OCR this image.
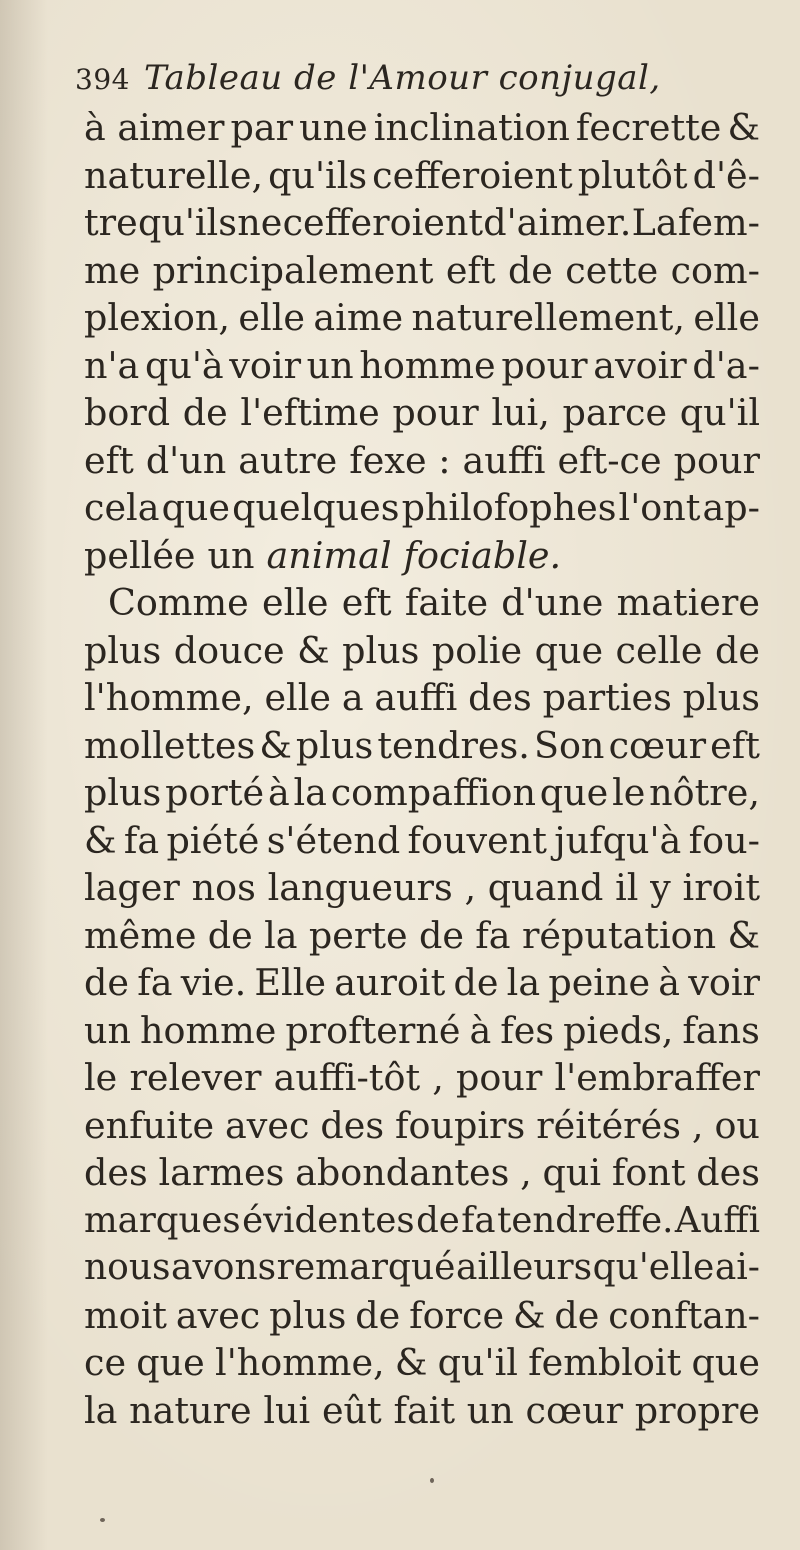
394 Tableau de l'Amour conjugal,
à aimer par une inclination fecrette &
naturelle, qu'ils cefferoient plutôt d'ê-
tre qu'ils ne cefferoient d'aimer. La fem-
me principalement eft de cette com-
plexion, elle aime naturellement, elle
n'a qu'à voir un homme pour avoir d'a-
bord de l'eftime pour lui, parce qu'il
eft d'un autre fexe : auffi eft-ce pour
cela que quelques philofophes l'ont ap-
pellée un animal fociable.
Comme elle eft faite d'une matiere
plus douce & plus polie que celle de
l'homme, elle a auffi des parties plus
mollettes & plus tendres. Son cœur eft
plus porté à la compaffion que le nôtre,
& fa piété s'étend fouvent jufqu'à fou-
lager nos langueurs , quand il y iroit
même de la perte de fa réputation &
de fa vie. Elle auroit de la peine à voir
un homme profterné à fes pieds, fans
le relever auffi-tôt , pour l'embraffer
enfuite avec des foupirs réitérés , ou
des larmes abondantes , qui font des
marques évidentes de fa tendreffe. Auffi
nous avons remarqué ailleurs qu'elle ai-
moit avec plus de force & de conftan-
ce que l'homme, & qu'il fembloit que
la nature lui eût fait un cœur propre
